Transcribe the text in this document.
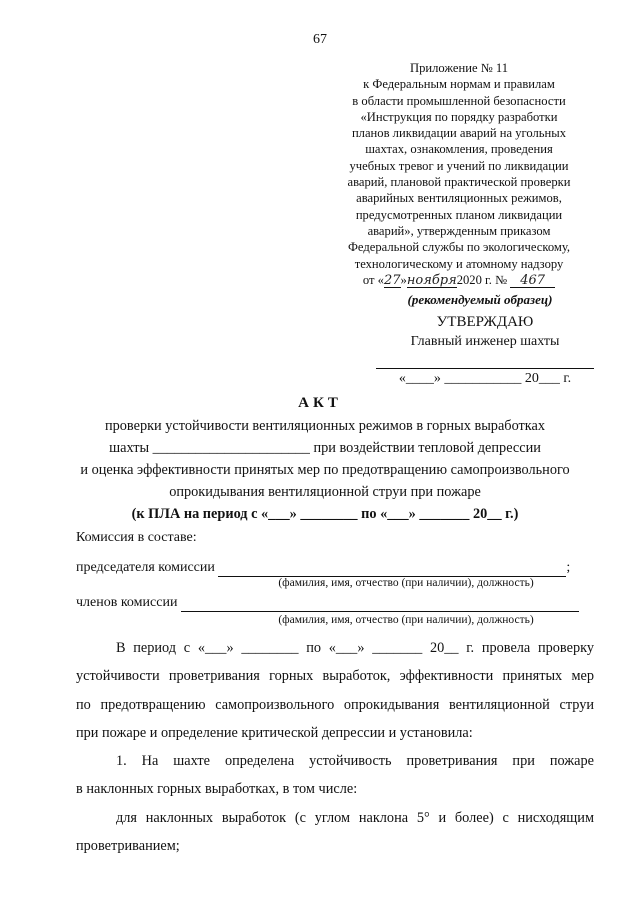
67
Приложение № 11
к Федеральным нормам и правилам
в области промышленной безопасности
«Инструкция по порядку разработки
планов ликвидации аварий на угольных
шахтах, ознакомления, проведения
учебных тревог и учений по ликвидации
аварий, плановой практической проверки
аварийных вентиляционных режимов,
предусмотренных планом ликвидации
аварий», утвержденным приказом
Федеральной службы по экологическому,
технологическому и атомному надзору
от «27»ноября2020 г. № 467
(рекомендуемый образец)
УТВЕРЖДАЮ
Главный инженер шахты
«____» ___________ 20___ г.
АКТ
проверки устойчивости вентиляционных режимов в горных выработках
шахты ______________________ при воздействии тепловой депрессии
и оценка эффективности принятых мер по предотвращению самопроизвольного
опрокидывания вентиляционной струи при пожаре
(к ПЛА на период с «___» ________ по «___» _______ 20__ г.)
Комиссия в составе:
председателя комиссии	;
(фамилия, имя, отчество (при наличии), должность)
членов комиссии
(фамилия, имя, отчество (при наличии), должность)
В период с «___» ________ по «___» _______ 20__ г. провела проверку
устойчивости проветривания горных выработок, эффективности принятых мер
по предотвращению самопроизвольного опрокидывания вентиляционной струи
при пожаре и определение критической депрессии и установила:
1. На шахте определена устойчивость проветривания при пожаре
в наклонных горных выработках, в том числе:
для наклонных выработок (с углом наклона 5° и более) с нисходящим
проветриванием;
